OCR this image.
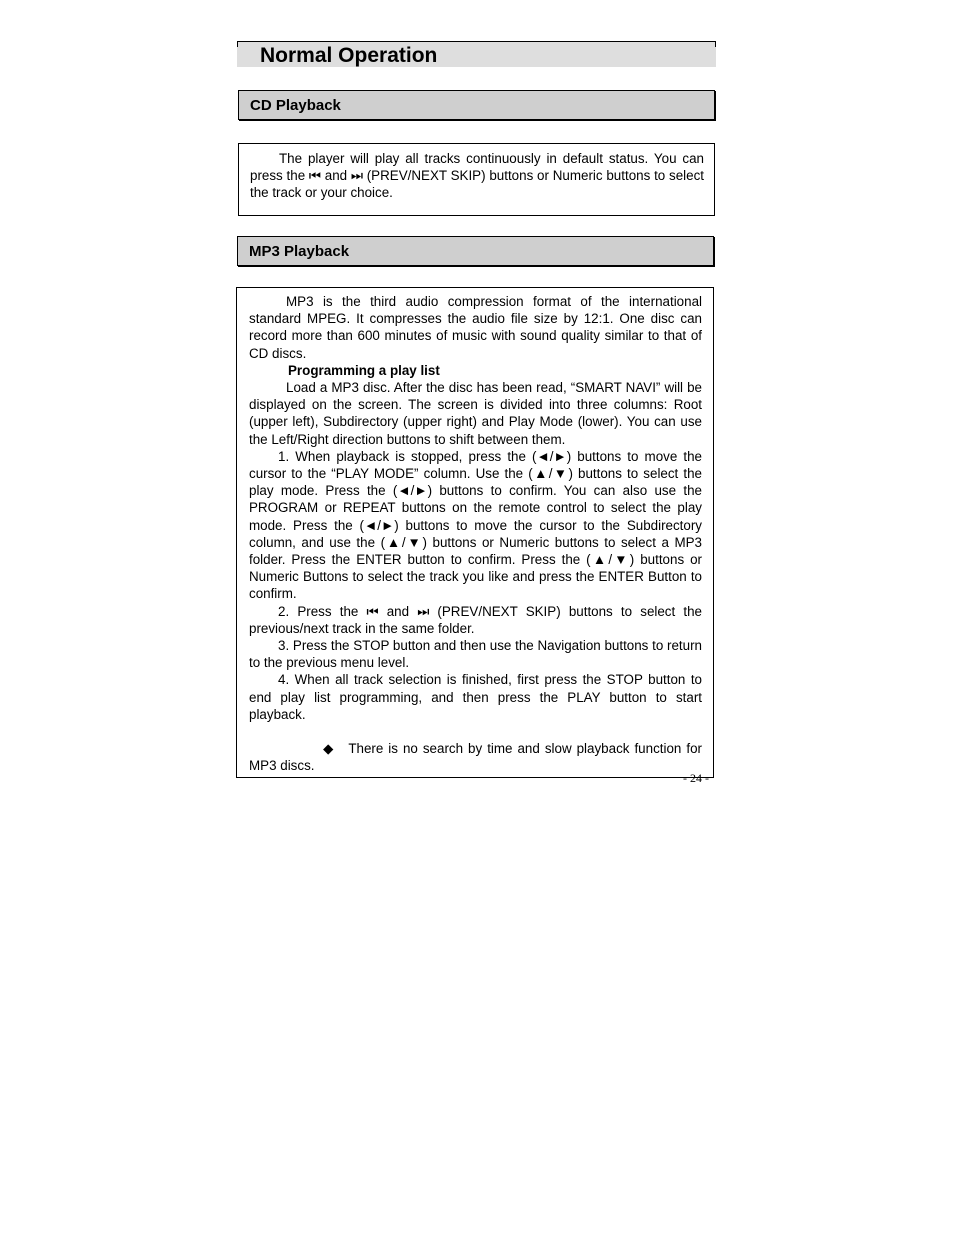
Normal Operation
CD Playback

The player will play all tracks continuously in default status. You can press the ⏮ and ⏭ (PREV/NEXT SKIP) buttons or Numeric buttons to select the track or your choice.

MP3 Playback

MP3 is the third audio compression format of the international standard MPEG. It compresses the audio file size by 12:1. One disc can record more than 600 minutes of music with sound quality similar to that of CD discs.

Programming a play list

Load a MP3 disc. After the disc has been read, “SMART NAVI” will be displayed on the screen. The screen is divided into three columns: Root (upper left), Subdirectory (upper right) and Play Mode (lower). You can use the Left/Right direction buttons to shift between them.

1. When playback is stopped, press the (◄/►) buttons to move the cursor to the “PLAY MODE” column. Use the (▲/▼) buttons to select the play mode. Press the (◄/►) buttons to confirm. You can also use the PROGRAM or REPEAT buttons on the remote control to select the play mode. Press the (◄/►) buttons to move the cursor to the Subdirectory column, and use the (▲/▼) buttons or Numeric buttons to select a MP3 folder. Press the ENTER button to confirm. Press the (▲/▼) buttons or Numeric Buttons to select the track you like and press the ENTER Button to confirm.

2. Press the ⏮ and ⏭ (PREV/NEXT SKIP) buttons to select the previous/next track in the same folder.

3. Press the STOP button and then use the Navigation buttons to return to the previous menu level.

4. When all track selection is finished, first press the STOP button to end play list programming, and then press the PLAY button to start playback.

◆ There is no search by time and slow playback function for MP3 discs.

- 24 -
